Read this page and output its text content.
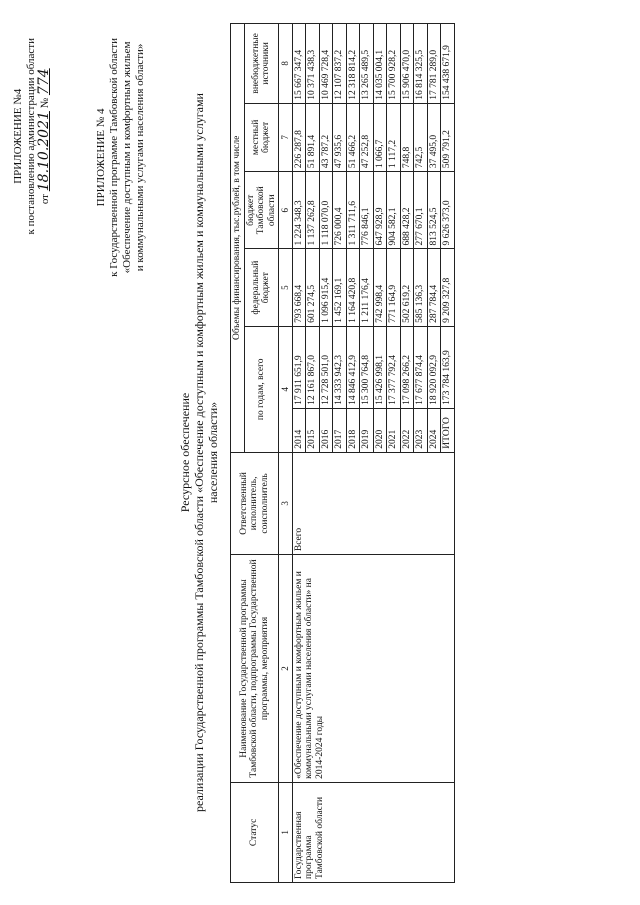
ПРИЛОЖЕНИЕ №4 к постановлению администрации области от 18.10.2021 № 774
ПРИЛОЖЕНИЕ № 4 к Государственной программе Тамбовской области «Обеспечение доступным и комфортным жильем и коммунальными услугами населения области»
Ресурсное обеспечение реализации Государственной программы Тамбовской области «Обеспечение доступным и комфортным жильем и коммунальными услугами населения области»
Статус	Наименование Государственной программы Тамбовской области, подпрограммы Государственной программы, мероприятия	Ответственный исполнитель, соисполнитель	Объемы финансирования, тыс.рублей, в том числе					
			по годам, всего		федеральный бюджет	бюджет Тамбовской области	местный бюджет	внебюджетные источники
1	2	3	4		5	6	7	8
Государственная программа Тамбовской области	«Обеспечение доступным и комфортным жильем и коммунальными услугами населения области» на 2014-2024 годы	Всего	2014	17 911 651,9	793 668,4	1 224 348,3	226 287,8	15 667 347,4
			2015	12 161 867,0	601 274,5	1 137 262,8	51 891,4	10 371 438,3
			2016	12 728 501,0	1 096 915,4	1 118 070,0	43 787,2	10 469 728,4
			2017	14 333 942,3	1 452 169,1	726 000,4	47 935,6	12 107 837,2
			2018	14 846 412,9	1 164 420,8	1 311 711,6	51 466,2	12 318 814,2
			2019	15 300 764,8	1 211 176,4	776 846,1	47 252,8	13 265 489,5
			2020	15 426 998,1	742 998,4	647 928,9	1 066,7	14 035 004,1
			2021	17 377 792,4	771 164,9	904 582,1	1 117,2	15 700 928,2
			2022	17 098 266,2	502 619,2	688 428,2	748,8	15 906 470,0
			2023	17 677 874,4	585 136,3	277 670,1	742,5	16 814 325,5
			2024	18 920 092,9	287 784,4	813 524,5	37 495,0	17 781 289,0
			ИТОГО	173 784 163,9	9 209 327,8	9 626 373,0	509 791,2	154 438 671,9
